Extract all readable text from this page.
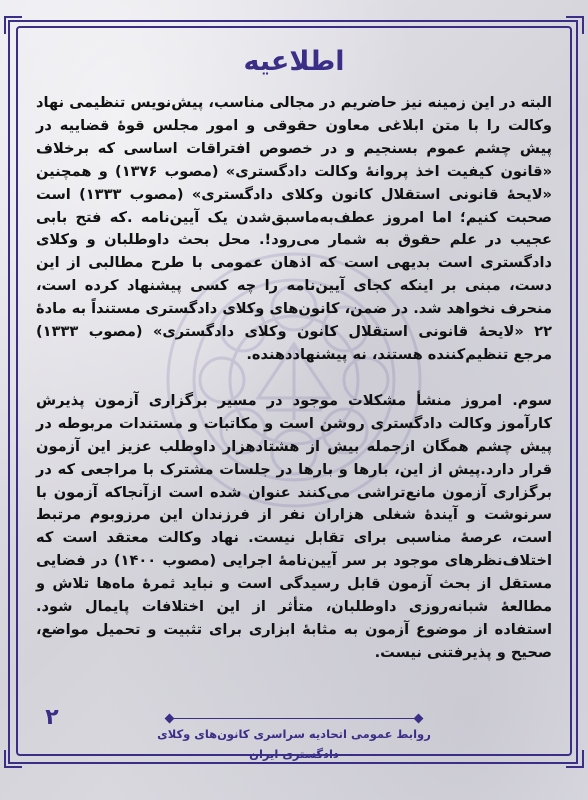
اطلاعیه

البته در این زمینه نیز حاضریم در مجالی مناسب، پیش‌نویس تنظیمی نهاد وکالت را با متن ابلاغی معاون حقوقی و امور مجلس قوهٔ قضاییه در پیش چشم عموم بسنجیم و در خصوص افتراقات اساسی که برخلاف «قانون کیفیت اخذ پروانهٔ وکالت دادگستری» (مصوب ۱۳۷۶) و همچنین «لایحهٔ قانونی استقلال کانون وکلای دادگستری» (مصوب ۱۳۳۳) است صحبت کنیم؛ اما امروز عطف‌به‌ماسبق‌شدن یک آیین‌نامه .که فتح بابی عجیب در علم حقوق به شمار می‌رود!. محل بحث داوطلبان و وکلای دادگستری است بدیهی است که اذهان عمومی با طرح مطالبی از این دست، مبنی بر اینکه کجای آیین‌نامه را چه کسی پیشنهاد کرده است، منحرف نخواهد شد. در ضمن، کانون‌های وکلای دادگستری مستنداً به مادهٔ ۲۲ «لایحهٔ قانونی استقلال کانون وکلای دادگستری» (مصوب ۱۳۳۳) مرجع تنظیم‌کننده هستند، نه پیشنهاددهنده.

سوم. امروز منشأ مشکلات موجود در مسیر برگزاری آزمون پذیرش کارآموز وکالت دادگستری روشن است و مکاتبات و مستندات مربوطه در پیش چشم همگان ازجمله بیش از هشتادهزار داوطلب عزیز این آزمون قرار دارد.پیش از این، بارها و بارها در جلسات مشترک با مراجعی که در برگزاری آزمون مانع‌تراشی می‌کنند عنوان شده است ازآنجاکه آزمون با سرنوشت و آیندهٔ شغلی هزاران نفر از فرزندان این مرزوبوم مرتبط است، عرصهٔ مناسبی برای تقابل نیست. نهاد وکالت معتقد است که اختلاف‌نظرهای موجود بر سر آیین‌نامهٔ اجرایی (مصوب ۱۴۰۰) در فضایی مستقل از بحث آزمون قابل رسیدگی است و نباید ثمرهٔ ماه‌ها تلاش و مطالعهٔ شبانه‌روزی داوطلبان، متأثر از این اختلافات پایمال شود. استفاده از موضوع آزمون به مثابهٔ ابزاری برای تثبیت و تحمیل مواضع، صحیح و پذیرفتنی نیست.

۲
روابط عمومی اتحادیه سراسری کانون‌های وکلای دادگستری ایران
